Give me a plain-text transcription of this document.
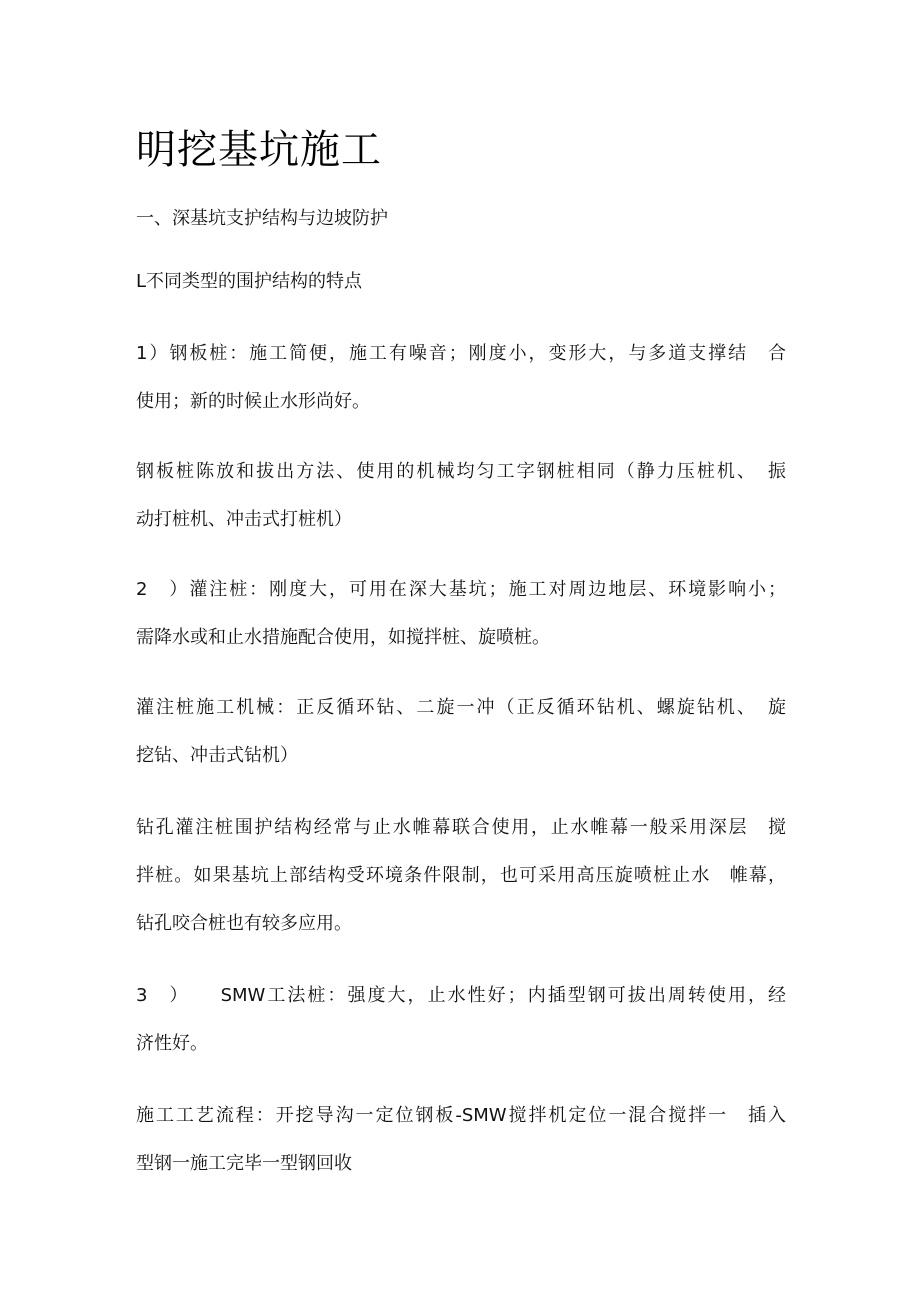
明挖基坑施工
一、深基坑支护结构与边坡防护
L不同类型的围护结构的特点
1）钢板桩：施工简便，施工有噪音；刚度小，变形大，与多道支撑结　合
使用；新的时候止水形尚好。
钢板桩陈放和拔出方法、使用的机械均匀工字钢桩相同（静力压桩机、　振
动打桩机、冲击式打桩机）
2　）灌注桩：刚度大，可用在深大基坑；施工对周边地层、环境影响小；
需降水或和止水措施配合使用，如搅拌桩、旋喷桩。
灌注桩施工机械：正反循环钻、二旋一冲（正反循环钻机、螺旋钻机、　旋
挖钻、冲击式钻机）
钻孔灌注桩围护结构经常与止水帷幕联合使用，止水帷幕一般采用深层　搅
拌桩。如果基坑上部结构受环境条件限制，也可采用高压旋喷桩止水　帷幕，
钻孔咬合桩也有较多应用。
3　）　　SMW工法桩：强度大，止水性好；内插型钢可拔出周转使用，经
济性好。
施工工艺流程：开挖导沟一定位钢板-SMW搅拌机定位一混合搅拌一　插入
型钢一施工完毕一型钢回收
